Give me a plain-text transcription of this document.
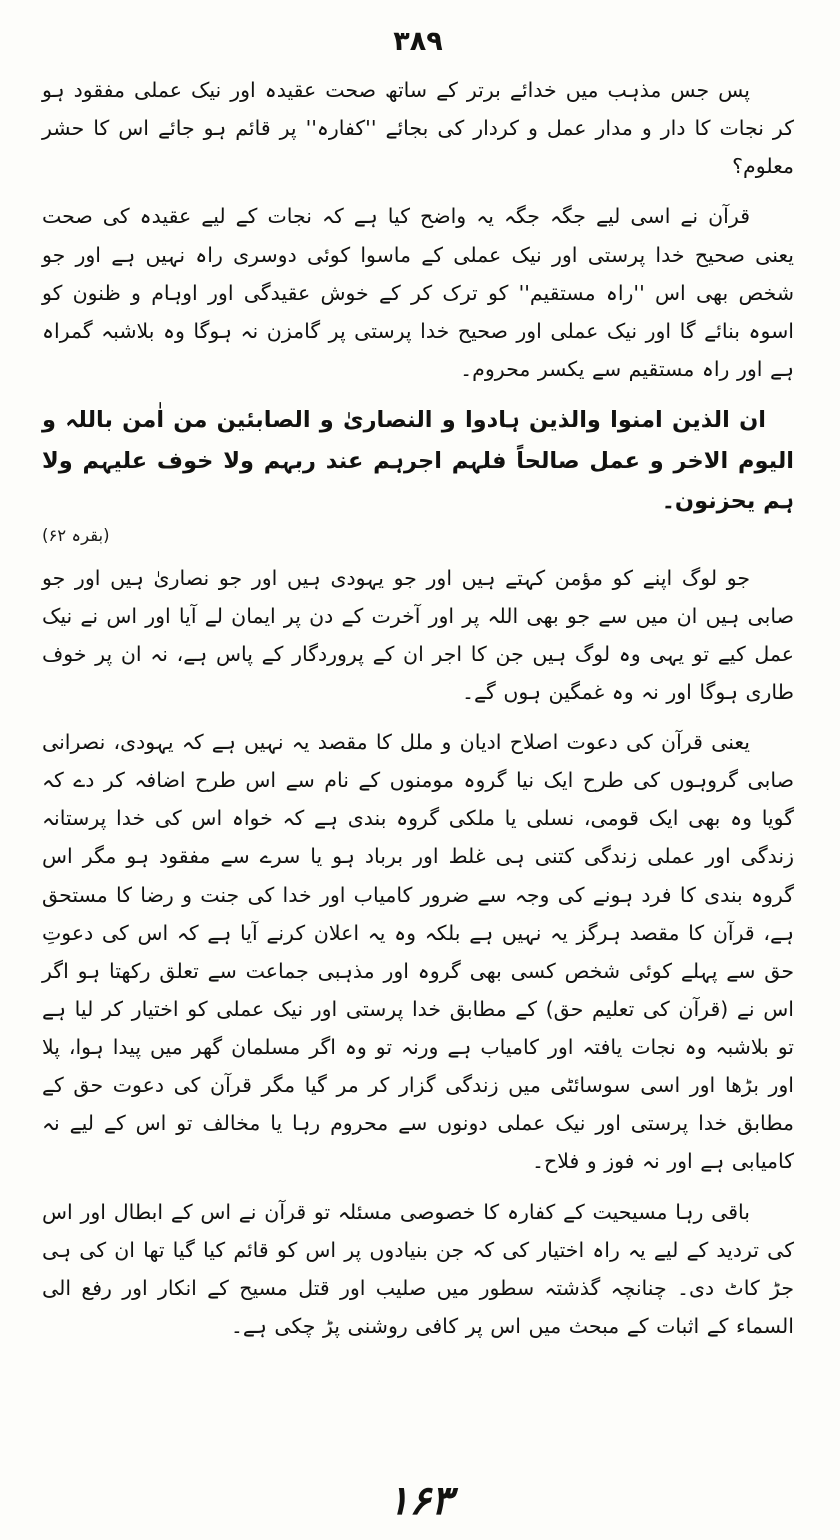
۳۸۹

پس جس مذہب میں خدائے برتر کے ساتھ صحت عقیدہ اور نیک عملی مفقود ہو کر نجات کا دار و مدار عمل و کردار کی بجائے ''کفارہ'' پر قائم ہو جائے اس کا حشر معلوم؟

قرآن نے اسی لیے جگہ جگہ یہ واضح کیا ہے کہ نجات کے لیے عقیدہ کی صحت یعنی صحیح خدا پرستی اور نیک عملی کے ماسوا کوئی دوسری راہ نہیں ہے اور جو شخص بھی اس ''راہ مستقیم'' کو ترک کر کے خوش عقیدگی اور اوہام و ظنون کو اسوہ بنائے گا اور نیک عملی اور صحیح خدا پرستی پر گامزن نہ ہوگا وہ بلاشبہ گمراہ ہے اور راہ مستقیم سے یکسر محروم۔

ان الذین امنوا والذین ہادوا و النصاریٰ و الصابئین من اٰمن باللہ و الیوم الاخر و عمل صالحاً فلہم اجرہم عند ربہم ولا خوف علیہم ولا ہم یحزنون۔

(بقرہ ۶۲)

جو لوگ اپنے کو مؤمن کہتے ہیں اور جو یہودی ہیں اور جو نصاریٰ ہیں اور جو صابی ہیں ان میں سے جو بھی اللہ پر اور آخرت کے دن پر ایمان لے آیا اور اس نے نیک عمل کیے تو یہی وہ لوگ ہیں جن کا اجر ان کے پروردگار کے پاس ہے، نہ ان پر خوف طاری ہوگا اور نہ وہ غمگین ہوں گے۔

یعنی قرآن کی دعوت اصلاح ادیان و ملل کا مقصد یہ نہیں ہے کہ یہودی، نصرانی صابی گروہوں کی طرح ایک نیا گروہ مومنوں کے نام سے اس طرح اضافہ کر دے کہ گویا وہ بھی ایک قومی، نسلی یا ملکی گروہ بندی ہے کہ خواہ اس کی خدا پرستانہ زندگی اور عملی زندگی کتنی ہی غلط اور برباد ہو یا سرے سے مفقود ہو مگر اس گروہ بندی کا فرد ہونے کی وجہ سے ضرور کامیاب اور خدا کی جنت و رضا کا مستحق ہے، قرآن کا مقصد ہرگز یہ نہیں ہے بلکہ وہ یہ اعلان کرنے آیا ہے کہ اس کی دعوتِ حق سے پہلے کوئی شخص کسی بھی گروہ اور مذہبی جماعت سے تعلق رکھتا ہو اگر اس نے (قرآن کی تعلیم حق) کے مطابق خدا پرستی اور نیک عملی کو اختیار کر لیا ہے تو بلاشبہ وہ نجات یافتہ اور کامیاب ہے ورنہ تو وہ اگر مسلمان گھر میں پیدا ہوا، پلا اور بڑھا اور اسی سوسائٹی میں زندگی گزار کر مر گیا مگر قرآن کی دعوت حق کے مطابق خدا پرستی اور نیک عملی دونوں سے محروم رہا یا مخالف تو اس کے لیے نہ کامیابی ہے اور نہ فوز و فلاح۔

باقی رہا مسیحیت کے کفارہ کا خصوصی مسئلہ تو قرآن نے اس کے ابطال اور اس کی تردید کے لیے یہ راہ اختیار کی کہ جن بنیادوں پر اس کو قائم کیا گیا تھا ان کی ہی جڑ کاٹ دی۔ چنانچہ گذشتہ سطور میں صلیب اور قتل مسیح کے انکار اور رفع الی السماء کے اثبات کے مبحث میں اس پر کافی روشنی پڑ چکی ہے۔

۱۶۳
